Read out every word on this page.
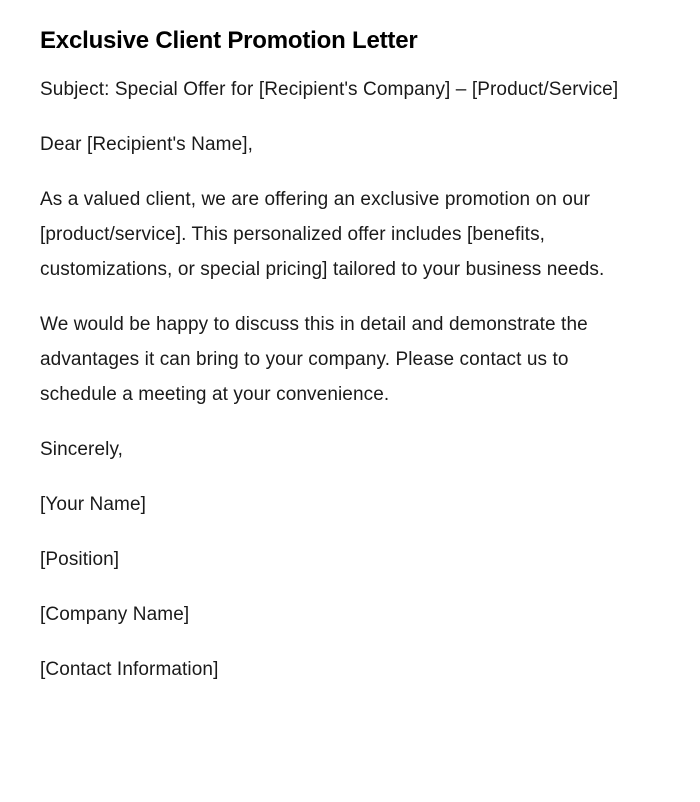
Exclusive Client Promotion Letter

Subject: Special Offer for [Recipient's Company] – [Product/Service]

Dear [Recipient's Name],

As a valued client, we are offering an exclusive promotion on our [product/service]. This personalized offer includes [benefits, customizations, or special pricing] tailored to your business needs.

We would be happy to discuss this in detail and demonstrate the advantages it can bring to your company. Please contact us to schedule a meeting at your convenience.

Sincerely,

[Your Name]

[Position]

[Company Name]

[Contact Information]
